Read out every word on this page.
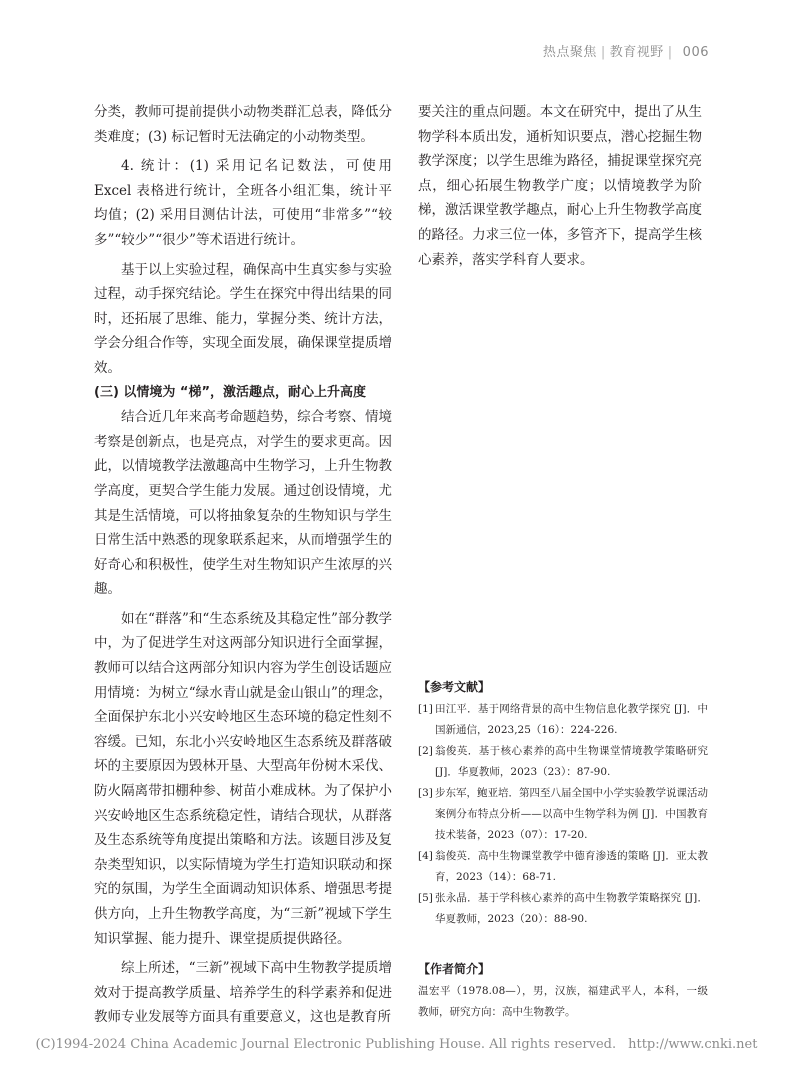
热点聚焦 | 教育视野 | 006

分类，教师可提前提供小动物类群汇总表，降低分类难度；(3) 标记暂时无法确定的小动物类型。

4. 统计：(1) 采用记名记数法，可使用 Excel 表格进行统计，全班各小组汇集，统计平均值；(2) 采用目测估计法，可使用“非常多”“较多”“较少”“很少”等术语进行统计。

基于以上实验过程，确保高中生真实参与实验过程，动手探究结论。学生在探究中得出结果的同时，还拓展了思维、能力，掌握分类、统计方法，学会分组合作等，实现全面发展，确保课堂提质增效。

(三) 以情境为 “梯”，激活趣点，耐心上升高度

结合近几年来高考命题趋势，综合考察、情境考察是创新点，也是亮点，对学生的要求更高。因此，以情境教学法激趣高中生物学习，上升生物教学高度，更契合学生能力发展。通过创设情境，尤其是生活情境，可以将抽象复杂的生物知识与学生日常生活中熟悉的现象联系起来，从而增强学生的好奇心和积极性，使学生对生物知识产生浓厚的兴趣。

如在“群落”和“生态系统及其稳定性”部分教学中，为了促进学生对这两部分知识进行全面掌握，教师可以结合这两部分知识内容为学生创设话题应用情境：为树立“绿水青山就是金山银山”的理念，全面保护东北小兴安岭地区生态环境的稳定性刻不容缓。已知，东北小兴安岭地区生态系统及群落破坏的主要原因为毁林开垦、大型高年份树木采伐、防火隔离带扣棚种参、树苗小难成林。为了保护小兴安岭地区生态系统稳定性，请结合现状，从群落及生态系统等角度提出策略和方法。该题目涉及复杂类型知识，以实际情境为学生打造知识联动和探究的氛围，为学生全面调动知识体系、增强思考提供方向，上升生物教学高度，为“三新”视域下学生知识掌握、能力提升、课堂提质提供路径。

综上所述，“三新”视域下高中生物教学提质增效对于提高教学质量、培养学生的科学素养和促进教师专业发展等方面具有重要意义，这也是教育所

要关注的重点问题。本文在研究中，提出了从生物学科本质出发，通析知识要点，潜心挖掘生物教学深度；以学生思维为路径，捕捉课堂探究亮点，细心拓展生物教学广度；以情境教学为阶梯，激活课堂教学趣点，耐心上升生物教学高度的路径。力求三位一体，多管齐下，提高学生核心素养，落实学科育人要求。

【参考文献】

[1] 田江平．基于网络背景的高中生物信息化教学探究 [J]．中国新通信，2023,25（16）：224-226.

[2] 翁俊英．基于核心素养的高中生物课堂情境教学策略研究 [J]．华夏教师，2023（23）：87-90.

[3] 步东军，鲍亚培．第四至八届全国中小学实验教学说课活动案例分布特点分析——以高中生物学科为例 [J]．中国教育技术装备，2023（07）：17-20.

[4] 翁俊英．高中生物课堂教学中德育渗透的策略 [J]．亚太教育，2023（14）：68-71.

[5] 张永晶．基于学科核心素养的高中生物教学策略探究 [J]．华夏教师，2023（20）：88-90.

【作者简介】

温宏平（1978.08—），男，汉族，福建武平人，本科，一级教师，研究方向：高中生物教学。

(C)1994-2024 China Academic Journal Electronic Publishing House. All rights reserved. http://www.cnki.net
